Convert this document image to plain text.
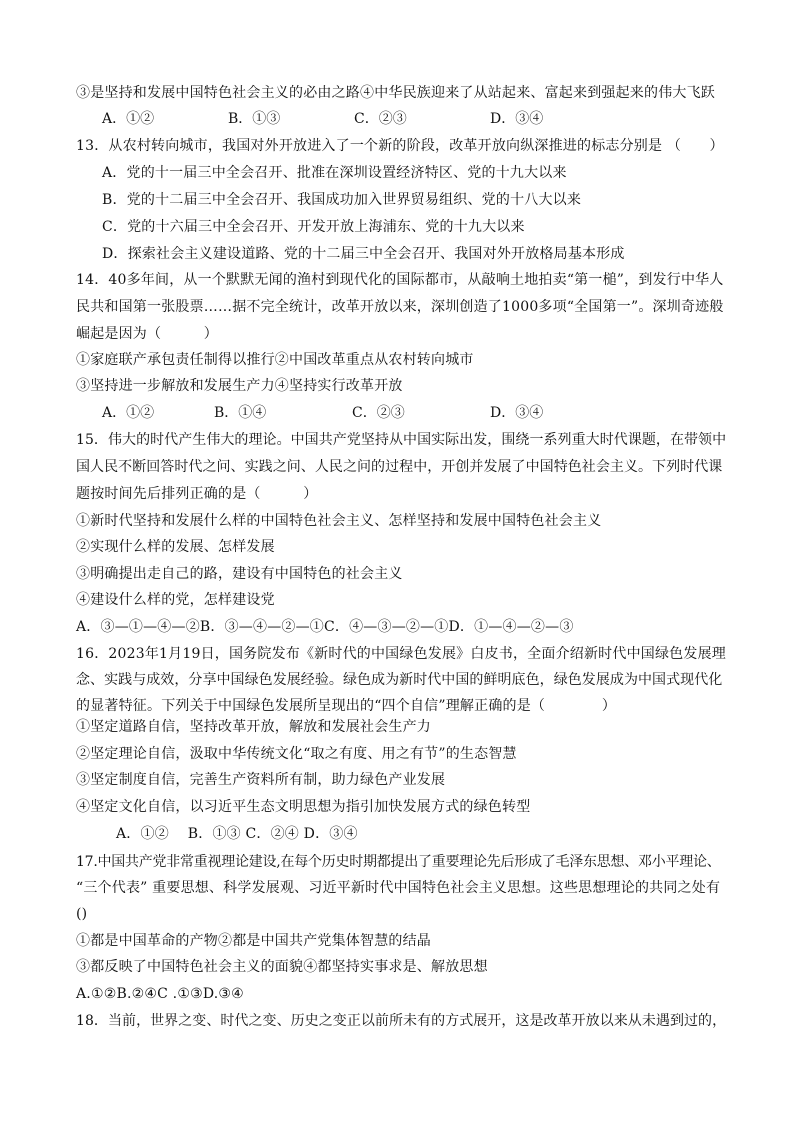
③是坚持和发展中国特色社会主义的必由之路④中华民族迎来了从站起来、富起来到强起来的伟大飞跃
A．①②	B．①③	C．②③	D．③④
13．从农村转向城市，我国对外开放进入了一个新的阶段，改革开放向纵深推进的标志分别是 （　　）
A．党的十一届三中全会召开、批准在深圳设置经济特区、党的十九大以来
B．党的十二届三中全会召开、我国成功加入世界贸易组织、党的十八大以来
C．党的十六届三中全会召开、开发开放上海浦东、党的十九大以来
D．探索社会主义建设道路、党的十二届三中全会召开、我国对外开放格局基本形成
14．40多年间，从一个默默无闻的渔村到现代化的国际都市，从敲响土地拍卖“第一槌”，到发行中华人
民共和国第一张股票……据不完全统计，改革开放以来，深圳创造了1000多项“全国第一”。深圳奇迹般
崛起是因为（　　　）
①家庭联产承包责任制得以推行②中国改革重点从农村转向城市
③坚持进一步解放和发展生产力④坚持实行改革开放
A．①②	B．①④	C．②③	D．③④
15．伟大的时代产生伟大的理论。中国共产党坚持从中国实际出发，围绕一系列重大时代课题，在带领中
国人民不断回答时代之问、实践之问、人民之问的过程中，开创并发展了中国特色社会主义。下列时代课
题按时间先后排列正确的是（　　　）
①新时代坚持和发展什么样的中国特色社会主义、怎样坚持和发展中国特色社会主义
②实现什么样的发展、怎样发展
③明确提出走自己的路，建设有中国特色的社会主义
④建设什么样的党，怎样建设党
A．③—①—④—②B．③—④—②—①C．④—③—②—①D．①—④—②—③
16．2023年1月19日，国务院发布《新时代的中国绿色发展》白皮书，全面介绍新时代中国绿色发展理
念、实践与成效，分享中国绿色发展经验。绿色成为新时代中国的鲜明底色，绿色发展成为中国式现代化
的显著特征。下列关于中国绿色发展所呈现出的“四个自信”理解正确的是（　　　　）
①坚定道路自信，坚持改革开放，解放和发展社会生产力
②坚定理论自信，汲取中华传统文化“取之有度、用之有节”的生态智慧
③坚定制度自信，完善生产资料所有制，助力绿色产业发展
④坚定文化自信，以习近平生态文明思想为指引加快发展方式的绿色转型
A．①②　 B．①③ C．②④ D．③④
17.中国共产党非常重视理论建设,在每个历史时期都提出了重要理论先后形成了毛泽东思想、邓小平理论、
“三个代表” 重要思想、科学发展观、习近平新时代中国特色社会主义思想。这些思想理论的共同之处有
()
①都是中国革命的产物②都是中国共产党集体智慧的结晶
③都反映了中国特色社会主义的面貌④都坚持实事求是、解放思想
A.①②B.②④C .①③D.③④
18．当前，世界之变、时代之变、历史之变正以前所未有的方式展开，这是改革开放以来从未遇到过的，
